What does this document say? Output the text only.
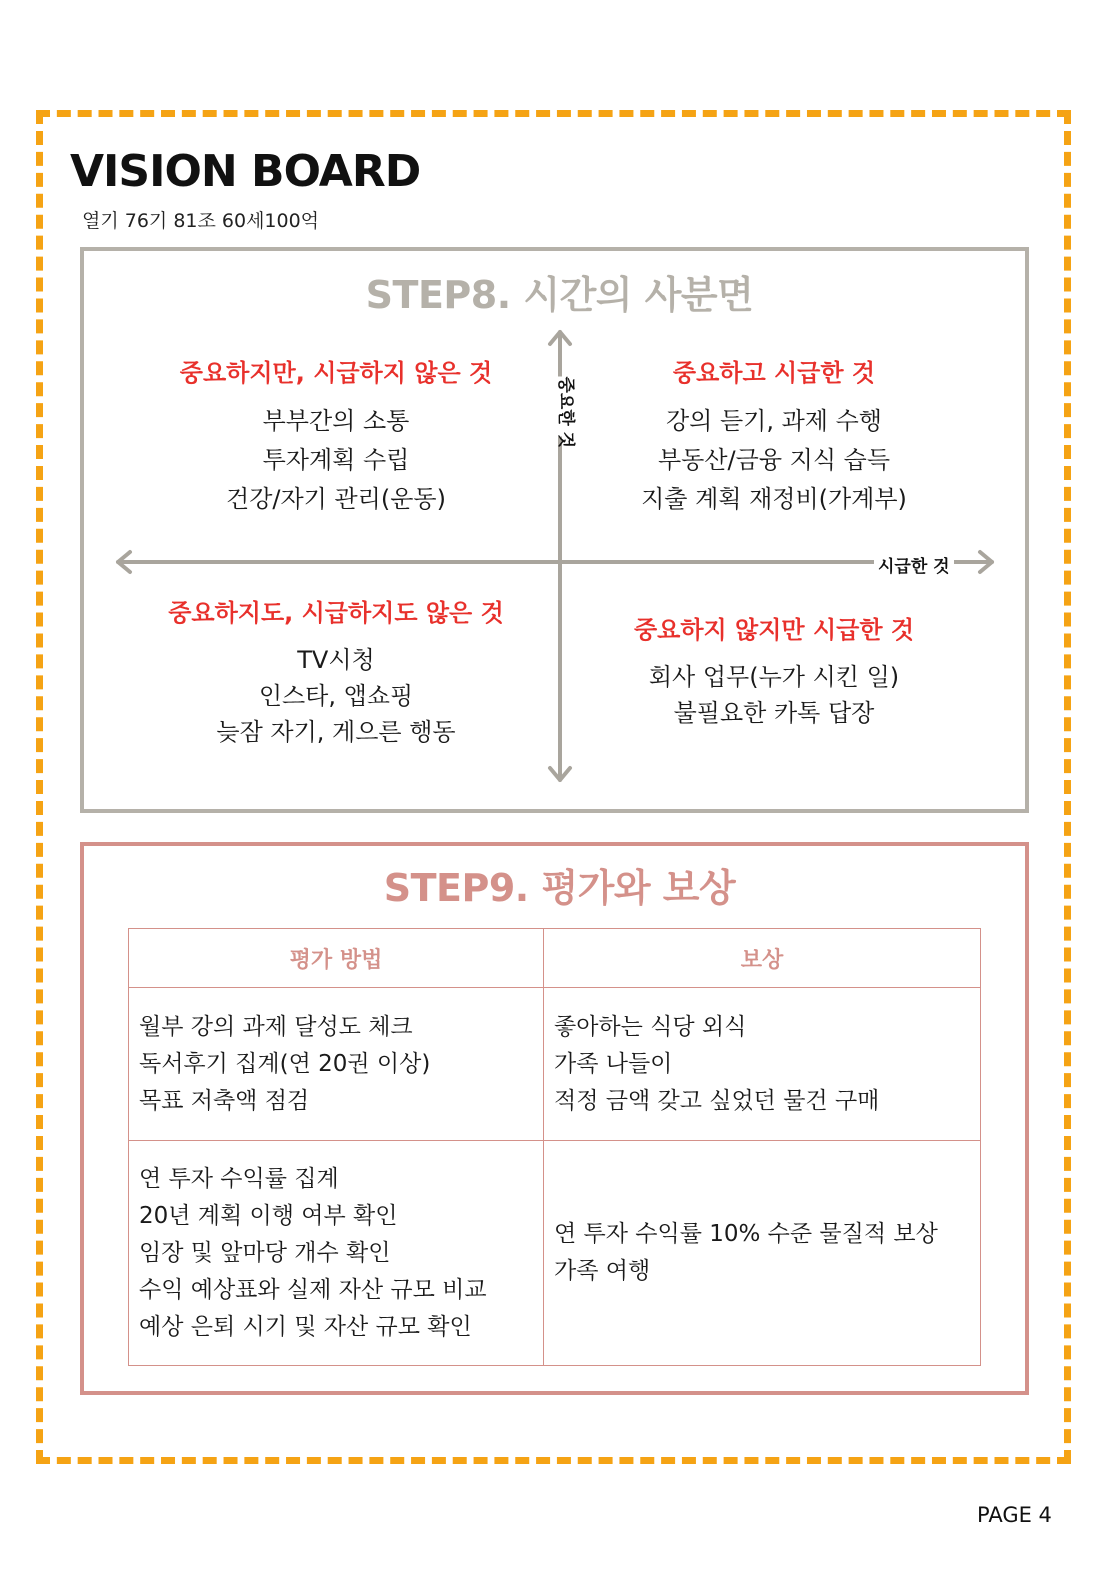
VISION BOARD
열기 76기 81조 60세100억
STEP8. 시간의 사분면
중요한 것
시급한 것
중요하지만, 시급하지 않은 것

부부간의 소통

투자계획 수립

건강/자기 관리(운동)

중요하고 시급한 것

강의 듣기, 과제 수행

부동산/금융 지식 습득

지출 계획 재정비(가계부)

중요하지도, 시급하지도 않은 것

TV시청

인스타, 앱쇼핑

늦잠 자기, 게으른 행동

중요하지 않지만 시급한 것

회사 업무(누가 시킨 일)

불필요한 카톡 답장

STEP9. 평가와 보상
평가 방법	보상

월부 강의 과제 달성도 체크
독서후기 집계(연 20권 이상)
목표 저축액 점검	좋아하는 식당 외식
가족 나들이
적정 금액 갖고 싶었던 물건 구매

연 투자 수익률 집계
20년 계획 이행 여부 확인
임장 및 앞마당 개수 확인
수익 예상표와 실제 자산 규모 비교
예상 은퇴 시기 및 자산 규모 확인	연 투자 수익률 10% 수준 물질적 보상
가족 여행
PAGE 4
